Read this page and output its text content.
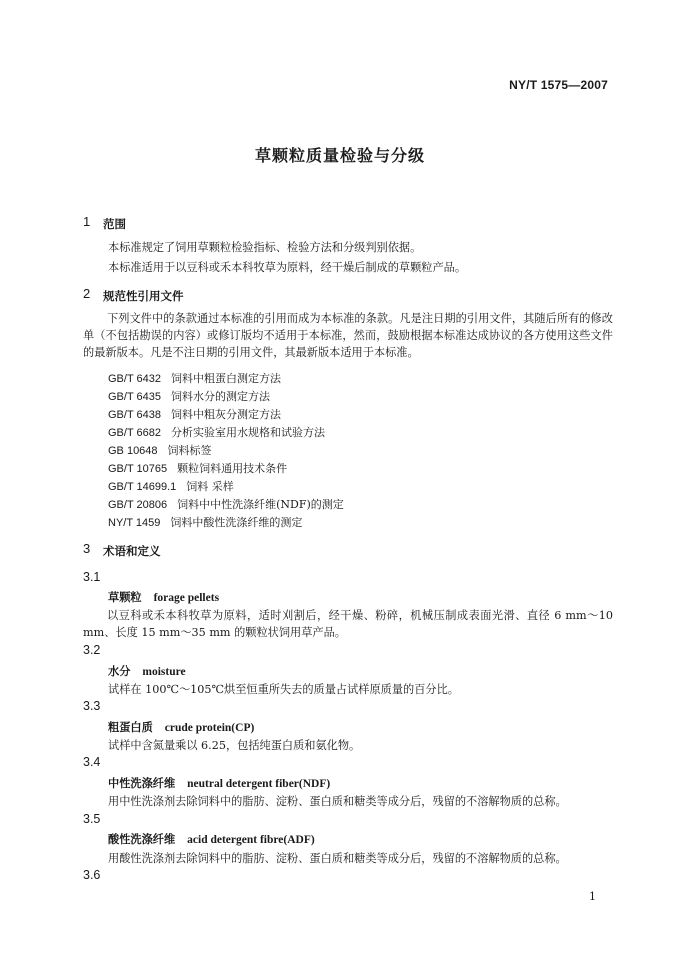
NY/T 1575—2007
草颗粒质量检验与分级
1 范围
本标准规定了饲用草颗粒检验指标、检验方法和分级判别依据。
本标准适用于以豆科或禾本科牧草为原料，经干燥后制成的草颗粒产品。
2 规范性引用文件
下列文件中的条款通过本标准的引用而成为本标准的条款。凡是注日期的引用文件，其随后所有的修改单（不包括勘误的内容）或修订版均不适用于本标准，然而，鼓励根据本标准达成协议的各方使用这些文件的最新版本。凡是不注日期的引用文件，其最新版本适用于本标准。
GB/T 6432 饲料中粗蛋白测定方法
GB/T 6435 饲料水分的测定方法
GB/T 6438 饲料中粗灰分测定方法
GB/T 6682 分析实验室用水规格和试验方法
GB 10648 饲料标签
GB/T 10765 颗粒饲料通用技术条件
GB/T 14699.1 饲料 采样
GB/T 20806 饲料中中性洗涤纤维(NDF)的测定
NY/T 1459 饲料中酸性洗涤纤维的测定
3 术语和定义
3.1
草颗粒 forage pellets
以豆科或禾本科牧草为原料，适时刈割后，经干燥、粉碎，机械压制成表面光滑、直径 6 mm～10 mm、长度 15 mm～35 mm 的颗粒状饲用草产品。
3.2
水分 moisture
试样在 100℃～105℃烘至恒重所失去的质量占试样原质量的百分比。
3.3
粗蛋白质 crude protein(CP)
试样中含氮量乘以 6.25，包括纯蛋白质和氨化物。
3.4
中性洗涤纤维 neutral detergent fiber(NDF)
用中性洗涤剂去除饲料中的脂肪、淀粉、蛋白质和糖类等成分后，残留的不溶解物质的总称。
3.5
酸性洗涤纤维 acid detergent fibre(ADF)
用酸性洗涤剂去除饲料中的脂肪、淀粉、蛋白质和糖类等成分后，残留的不溶解物质的总称。
3.6
1
